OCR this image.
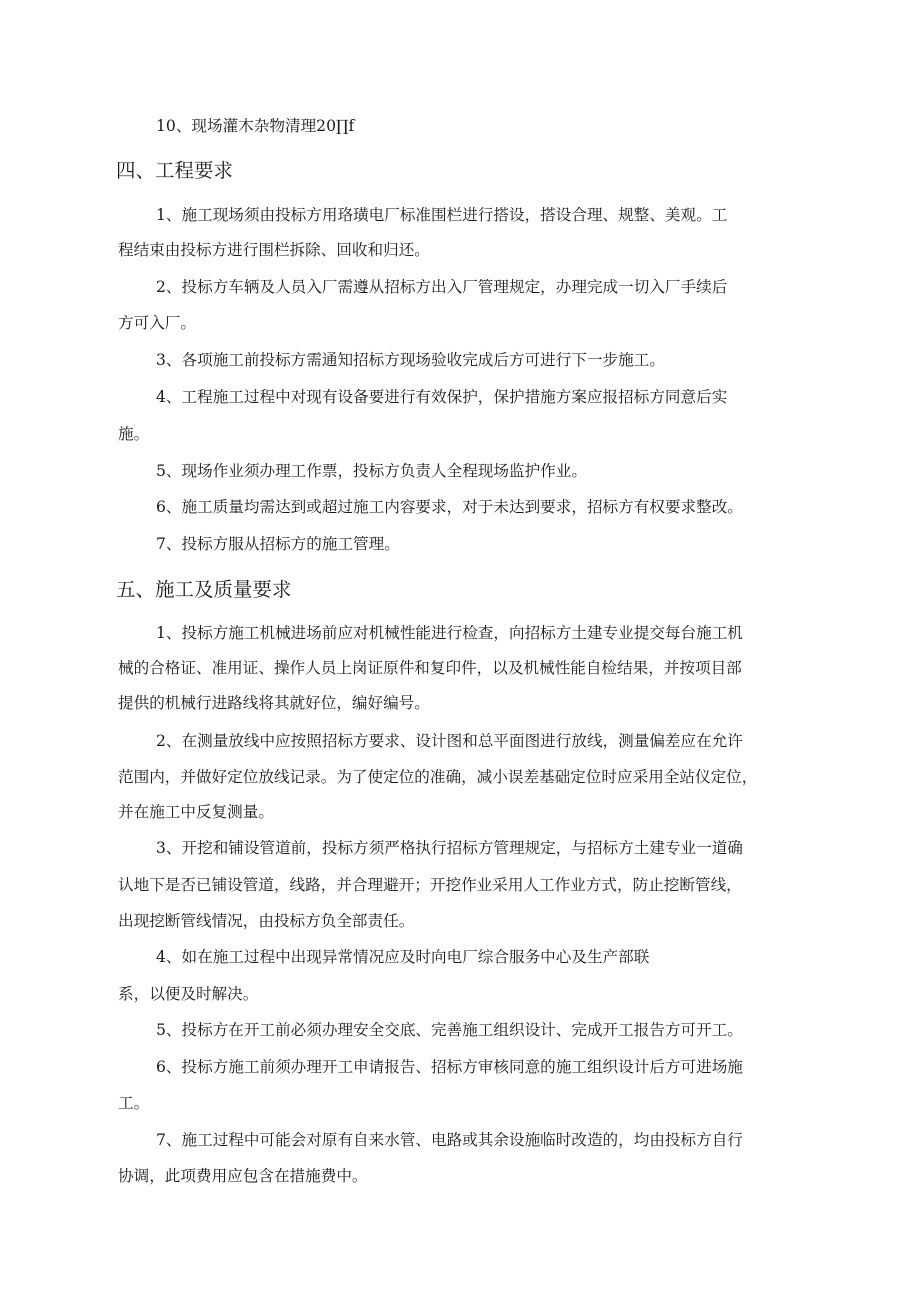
10、现场灌木杂物清理20∏f
四、工程要求
1、施工现场须由投标方用珞璜电厂标准围栏进行搭设，搭设合理、规整、美观。工
程结束由投标方进行围栏拆除、回收和归还。
2、投标方车辆及人员入厂需遵从招标方出入厂管理规定，办理完成一切入厂手续后
方可入厂。
3、各项施工前投标方需通知招标方现场验收完成后方可进行下一步施工。
4、工程施工过程中对现有设备要进行有效保护，保护措施方案应报招标方同意后实
施。
5、现场作业须办理工作票，投标方负责人全程现场监护作业。
6、施工质量均需达到或超过施工内容要求，对于未达到要求，招标方有权要求整改。
7、投标方服从招标方的施工管理。
五、施工及质量要求
1、投标方施工机械进场前应对机械性能进行检查，向招标方土建专业提交每台施工机
械的合格证、准用证、操作人员上岗证原件和复印件，以及机械性能自检结果，并按项目部
提供的机械行进路线将其就好位，编好编号。
2、在测量放线中应按照招标方要求、设计图和总平面图进行放线，测量偏差应在允许
范围内，并做好定位放线记录。为了使定位的准确，减小误差基础定位时应采用全站仪定位，
并在施工中反复测量。
3、开挖和铺设管道前，投标方须严格执行招标方管理规定，与招标方土建专业一道确
认地下是否已铺设管道，线路，并合理避开；开挖作业采用人工作业方式，防止挖断管线，
出现挖断管线情况，由投标方负全部责任。
4、如在施工过程中出现异常情况应及时向电厂综合服务中心及生产部联
系，以便及时解决。
5、投标方在开工前必须办理安全交底、完善施工组织设计、完成开工报告方可开工。
6、投标方施工前须办理开工申请报告、招标方审核同意的施工组织设计后方可进场施
工。
7、施工过程中可能会对原有自来水管、电路或其余设施临时改造的，均由投标方自行
协调，此项费用应包含在措施费中。
